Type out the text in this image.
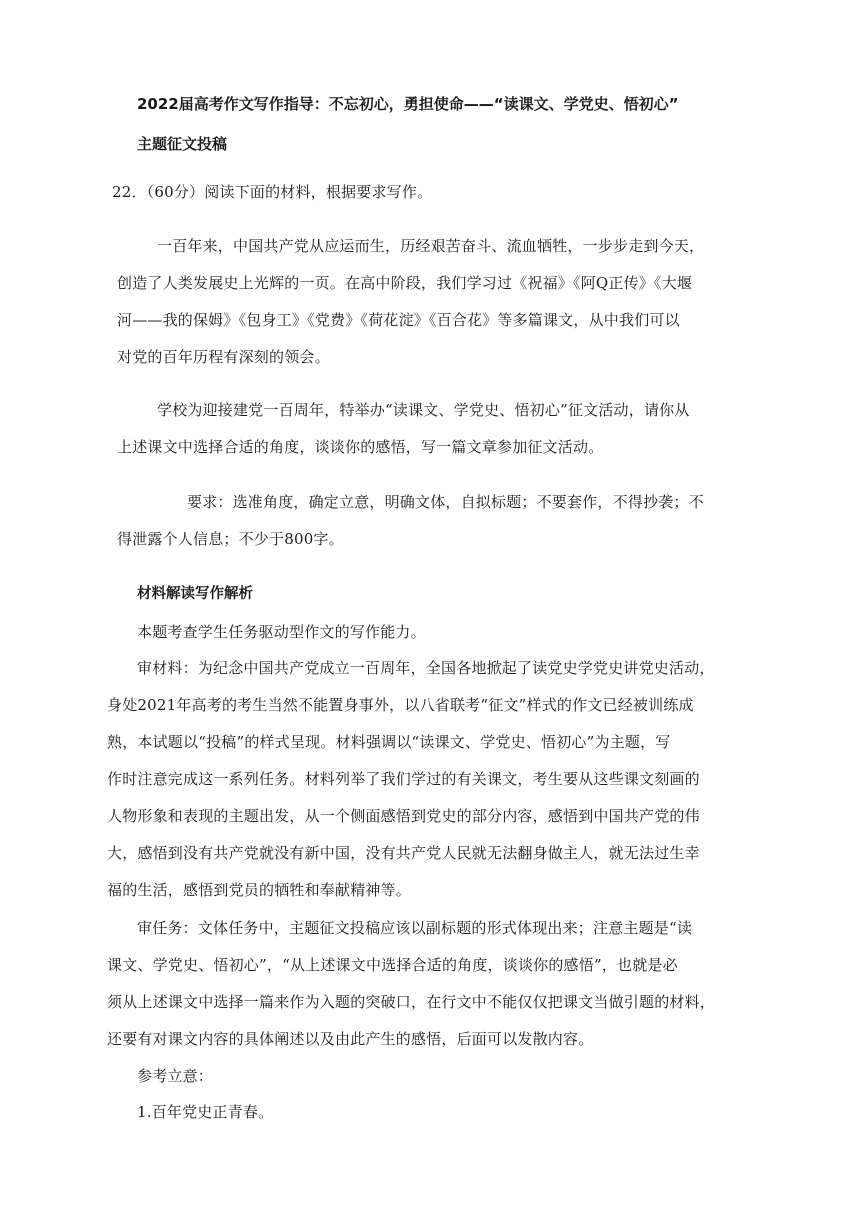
2022届高考作文写作指导：不忘初心，勇担使命——“读课文、学党史、悟初心”
主题征文投稿
22．（60分）阅读下面的材料，根据要求写作。
一百年来，中国共产党从应运而生，历经艰苦奋斗、流血牺牲，一步步走到今天，
创造了人类发展史上光辉的一页。在高中阶段，我们学习过《祝福》《阿Q正传》《大堰
河——我的保姆》《包身工》《党费》《荷花淀》《百合花》等多篇课文，从中我们可以
对党的百年历程有深刻的领会。
学校为迎接建党一百周年，特举办“读课文、学党史、悟初心”征文活动，请你从
上述课文中选择合适的角度，谈谈你的感悟，写一篇文章参加征文活动。
要求：选准角度，确定立意，明确文体，自拟标题；不要套作，不得抄袭；不
得泄露个人信息；不少于800字。
材料解读写作解析
本题考查学生任务驱动型作文的写作能力。
审材料：为纪念中国共产党成立一百周年，全国各地掀起了读党史学党史讲党史活动，
身处2021年高考的考生当然不能置身事外，以八省联考“征文”样式的作文已经被训练成
熟，本试题以“投稿”的样式呈现。材料强调以“读课文、学党史、悟初心”为主题，写
作时注意完成这一系列任务。材料列举了我们学过的有关课文，考生要从这些课文刻画的
人物形象和表现的主题出发，从一个侧面感悟到党史的部分内容，感悟到中国共产党的伟
大，感悟到没有共产党就没有新中国，没有共产党人民就无法翻身做主人，就无法过生幸
福的生活，感悟到党员的牺牲和奉献精神等。
审任务：文体任务中，主题征文投稿应该以副标题的形式体现出来；注意主题是“读
课文、学党史、悟初心”，“从上述课文中选择合适的角度，谈谈你的感悟”，也就是必
须从上述课文中选择一篇来作为入题的突破口，在行文中不能仅仅把课文当做引题的材料，
还要有对课文内容的具体阐述以及由此产生的感悟，后面可以发散内容。
参考立意：
1.百年党史正青春。
